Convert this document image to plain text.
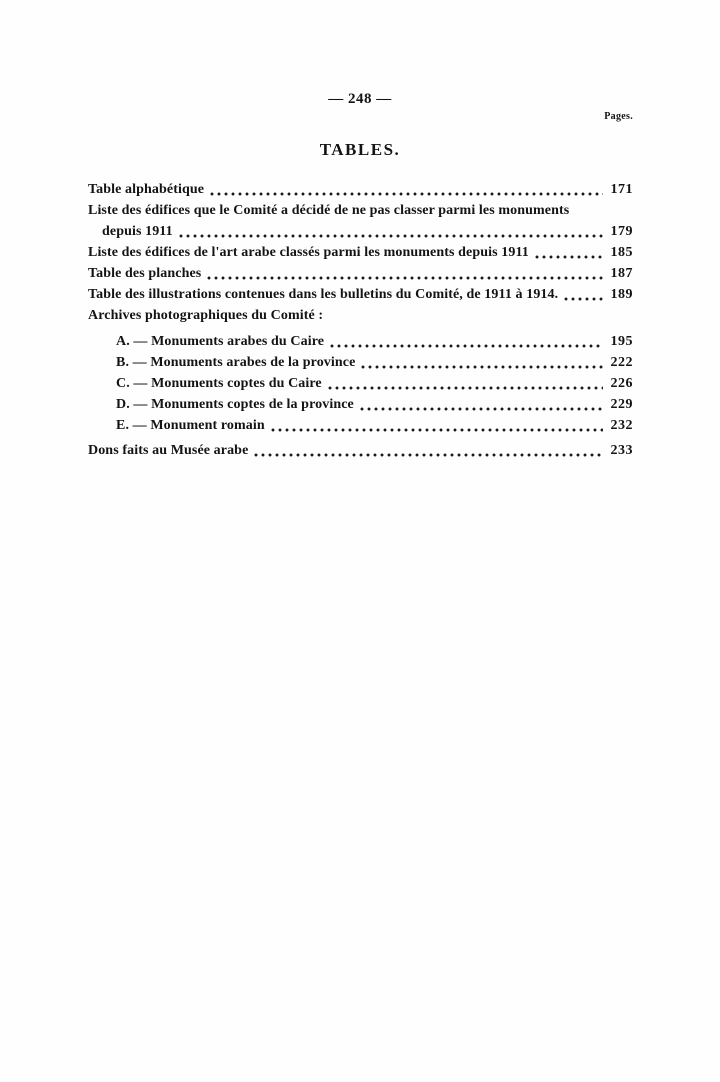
— 248 —
Pages.
TABLES.
Table alphabétique	171
Liste des édifices que le Comité a décidé de ne pas classer parmi les monuments
depuis 1911	179
Liste des édifices de l'art arabe classés parmi les monuments depuis 1911	185
Table des planches	187
Table des illustrations contenues dans les bulletins du Comité, de 1911 à 1914.	189
Archives photographiques du Comité :
A. — Monuments arabes du Caire	195
B. — Monuments arabes de la province	222
C. — Monuments coptes du Caire	226
D. — Monuments coptes de la province	229
E. — Monument romain	232
Dons faits au Musée arabe	233
